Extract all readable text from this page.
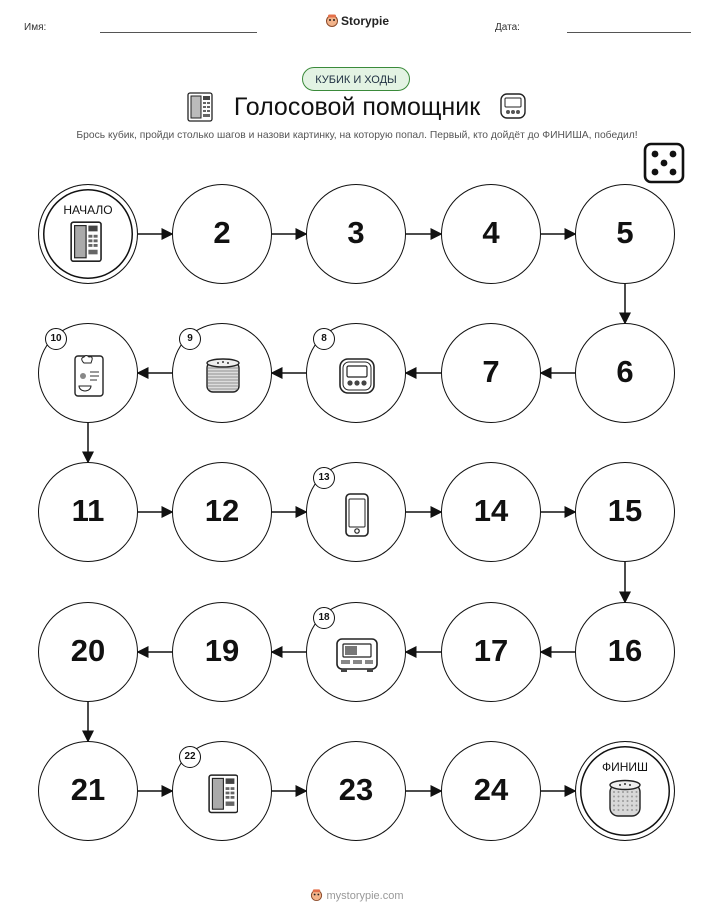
Имя:	Storypie	Дата:
КУБИК И ХОДЫ
Голосовой помощник
Брось кубик, пройди столько шагов и назови картинку, на которую попал. Первый, кто дойдёт до ФИНИША, победил!
НАЧАЛО
2	3	4	5
6
7
8
9
10
11	12
13
14	15
16
17
18
19
20
21
22
23	24
ФИНИШ
mystorypie.com
